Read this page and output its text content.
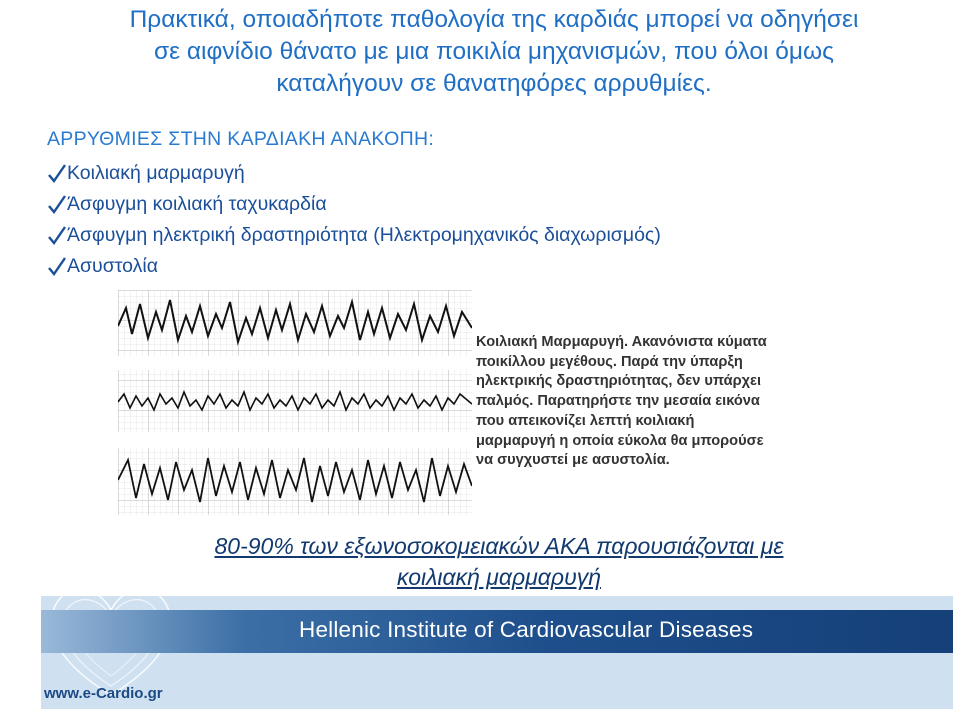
Πρακτικά, οποιαδήποτε παθολογία της καρδιάς μπορεί να οδηγήσει
σε αιφνίδιο θάνατο με μια ποικιλία μηχανισμών, που όλοι όμως
καταλήγουν σε θανατηφόρες αρρυθμίες.
ΑΡΡΥΘΜΙΕΣ ΣΤΗΝ ΚΑΡΔΙΑΚΗ ΑΝΑΚΟΠΗ:
Κοιλιακή μαρμαρυγή
Άσφυγμη κοιλιακή ταχυκαρδία
Άσφυγμη ηλεκτρική δραστηριότητα (Ηλεκτρομηχανικός διαχωρισμός)
Ασυστολία
Κοιλιακή Μαρμαρυγή. Ακανόνιστα κύματα
ποικίλλου μεγέθους. Παρά την ύπαρξη
ηλεκτρικής δραστηριότητας, δεν υπάρχει
παλμός. Παρατηρήστε την μεσαία εικόνα
που απεικονίζει λεπτή κοιλιακή
μαρμαρυγή η οποία εύκολα θα μπορούσε
να συγχυστεί με ασυστολία.
80-90% των εξωνοσοκομειακών ΑΚΑ παρουσιάζονται με
κοιλιακή μαρμαρυγή
Hellenic Institute of Cardiovascular Diseases
www.e-Cardio.gr
